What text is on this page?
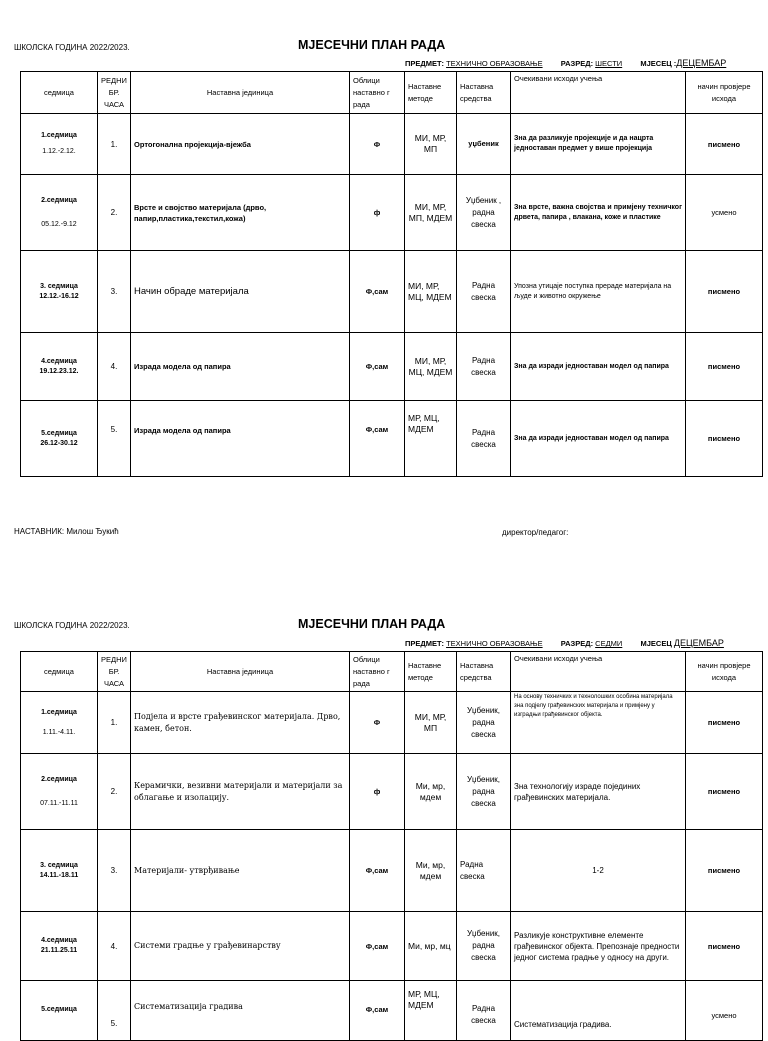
ШКОЛСКА ГОДИНА 2022/2023.	МЈЕСЕЧНИ ПЛАН РАДА
ПРЕДМЕТ: ТЕХНИЧНО ОБРАЗОВАЊЕ РАЗРЕД: ШЕСТИ МЈЕСЕЦ :ДЕЦЕМБАР
седмица	РЕДНИ БР. ЧАСА	Наставна јединица	Облици наставно г рада	Наставне методе	Наставна средства	Очекивани исходи учења	начин провјере исхода

1.седмица
1.12.-2.12.	1.	Ортогонална пројекција-вјежба	Ф	МИ, МР, МП	уџбеник	Зна да разликује пројекције и да нацрта једноставан предмет у више пројекција	писмено

2.седмица
05.12.-9.12	2.	Врсте и својство материјала (дрво, папир,пластика,текстил,кожа)	ф	МИ, МР, МП, МДЕМ	Уџбеник , радна свеска	Зна врсте, важна својства и примјену техничког дрвета, папира , влакана, коже и пластике	усмено

3. седмица
12.12.-16.12	3.	Начин обраде материјала	Ф,сам	МИ, МР, МЦ, МДЕМ	Радна свеска	Упозна утицаје поступка прераде материјала на људе и животно окружење	писмено

4.седмица
19.12.23.12.	4.	Израда модела од папира	Ф,сам	МИ, МР, МЦ, МДЕМ	Радна свеска	Зна да изради једноставан модел од папира	писмено

5.седмица
26.12-30.12	5.	Израда модела од папира	Ф,сам	МР, МЦ, МДЕМ	Радна свеска	Зна да изради једноставан модел од папира	писмено
НАСТАВНИК: Милош Ђукић	директор/педагог:
ШКОЛСКА ГОДИНА 2022/2023.	МЈЕСЕЧНИ ПЛАН РАДА
ПРЕДМЕТ: ТЕХНИЧНО ОБРАЗОВАЊЕ РАЗРЕД: СЕДМИ МЈЕСЕЦ ДЕЦЕМБАР
седмица	РЕДНИ БР. ЧАСА	Наставна јединица	Облици наставно г рада	Наставне методе	Наставна средства	Очекивани исходи учења	начин провјере исхода

1.седмица
1.11.-4.11.	1.	Подјела и врсте грађевинског материјала. Дрво, камен, бетон.	Ф	МИ, МР, МП	Уџбеник, радна свеска	На основу техничких и технолошких особина материјала зна подјелу грађевинских материјала и примјену у изградњи грађевинског објекта.	писмено

2.седмица
07.11.-11.11	2.	Керамички, везивни материјали и материјали за облагање и изолацију.	ф	Ми, мр, мдем	Уџбеник, радна свеска	Зна технологију израде појединих грађевинских материјала.	писмено

3. седмица
14.11.-18.11	3.	Материјали- утврђивање	Ф,сам	Ми, мр, мдем	Радна свеска	1-2	писмено

4.седмица
21.11.25.11	4.	Системи градње у грађевинарству	Ф,сам	Ми, мр, мц	Уџбеник, радна свеска	Разликује конструктивне елементе грађевинског објекта. Препознаје предности једног система градње у односу на други.	писмено

5.седмица	5.	Систематизација градива	Ф,сам	МР, МЦ, МДЕМ	Радна свеска	Систематизација градива.	усмено
